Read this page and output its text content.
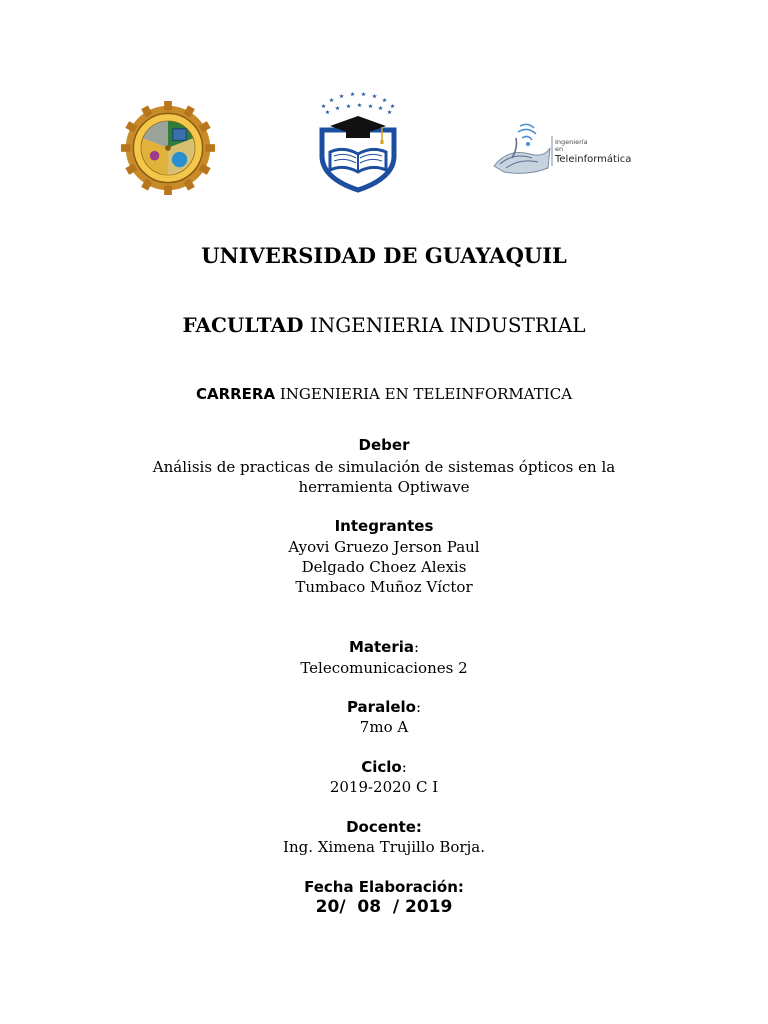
Ingeniería
en
Teleinformática
UNIVERSIDAD DE GUAYAQUIL
FACULTAD INGENIERIA INDUSTRIAL
CARRERA INGENIERIA EN TELEINFORMATICA
Deber
Análisis de practicas de simulación de sistemas ópticos en la
herramienta Optiwave
Integrantes
Ayovi Gruezo Jerson Paul
Delgado Choez Alexis
Tumbaco Muñoz Víctor
Materia:
Telecomunicaciones 2
Paralelo:
7mo A
Ciclo:
2019-2020 C I
Docente:
Ing. Ximena Trujillo Borja.
Fecha Elaboración:
20/  08  / 2019
